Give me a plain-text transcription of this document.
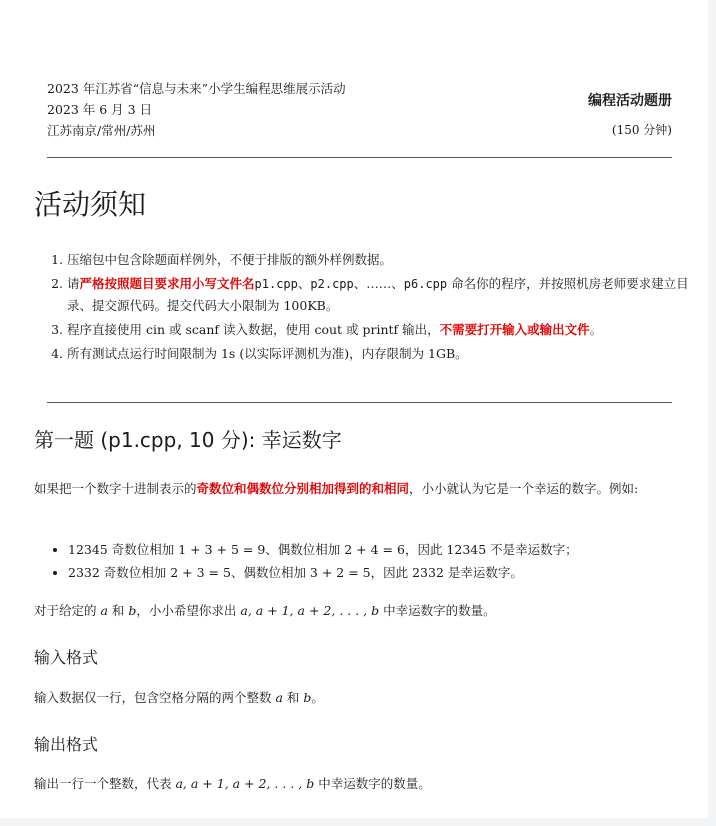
2023 年江苏省“信息与未来”小学生编程思维展示活动
2023 年 6 月 3 日
江苏南京/常州/苏州
编程活动题册
(150 分钟)
活动须知
1. 压缩包中包含除题面样例外，不便于排版的额外样例数据。
2. 请严格按照题目要求用小写文件名p1.cpp、p2.cpp、……、p6.cpp 命名你的程序，并按照机房老师要求建立目录、提交源代码。提交代码大小限制为 100KB。
3. 程序直接使用 cin 或 scanf 读入数据，使用 cout 或 printf 输出，不需要打开输入或输出文件。
4. 所有测试点运行时间限制为 1s (以实际评测机为准)，内存限制为 1GB。
第一题 (p1.cpp, 10 分): 幸运数字
如果把一个数字十进制表示的奇数位和偶数位分别相加得到的和相同，小小就认为它是一个幸运的数字。例如:
• 12345 奇数位相加 1 + 3 + 5 = 9、偶数位相加 2 + 4 = 6，因此 12345 不是幸运数字；
• 2332 奇数位相加 2 + 3 = 5、偶数位相加 3 + 2 = 5，因此 2332 是幸运数字。
对于给定的 a 和 b，小小希望你求出 a, a + 1, a + 2, . . . , b 中幸运数字的数量。
输入格式
输入数据仅一行，包含空格分隔的两个整数 a 和 b。
输出格式
输出一行一个整数，代表 a, a + 1, a + 2, . . . , b 中幸运数字的数量。
